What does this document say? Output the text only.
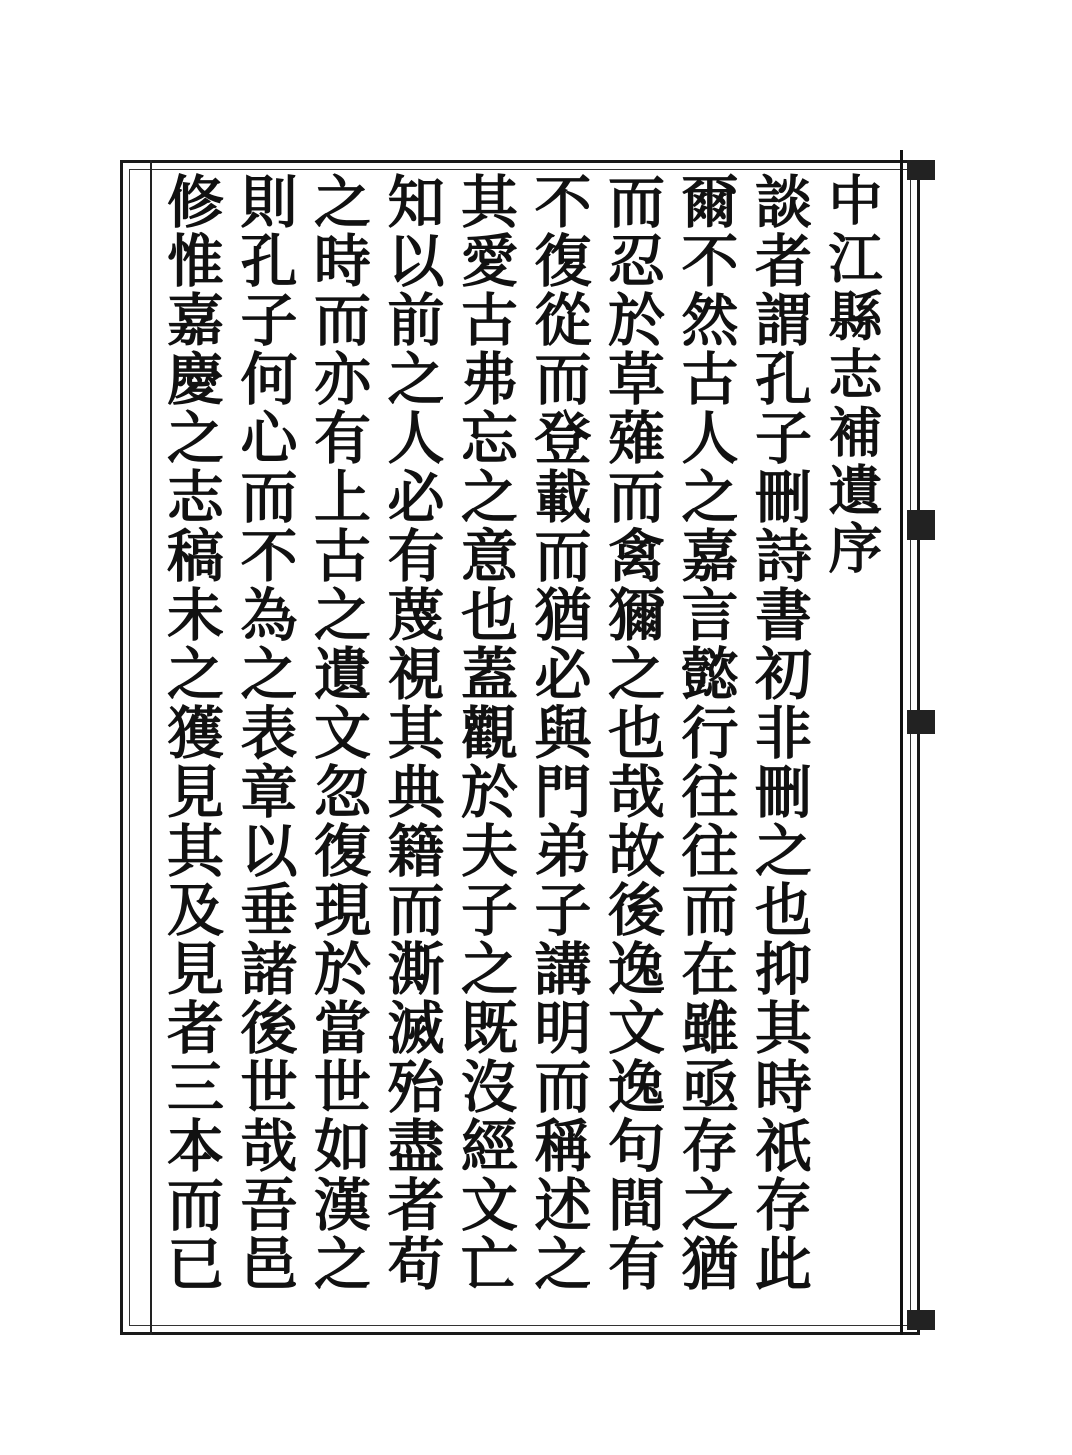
中江縣志補遺序
談者謂孔子刪詩書初非刪之也抑其時祇存此
爾不然古人之嘉言懿行往往而在雖亟存之猶
而忍於草薙而禽獮之也哉故後逸文逸句間有
不復從而登載而猶必與門弟子講明而稱述之
其愛古弗忘之意也蓋觀於夫子之既沒經文亡
知以前之人必有蔑視其典籍而澌滅殆盡者苟
之時而亦有上古之遺文忽復現於當世如漢之
則孔子何心而不為之表章以垂諸後世哉吾邑
修惟嘉慶之志稿未之獲見其及見者三本而已
